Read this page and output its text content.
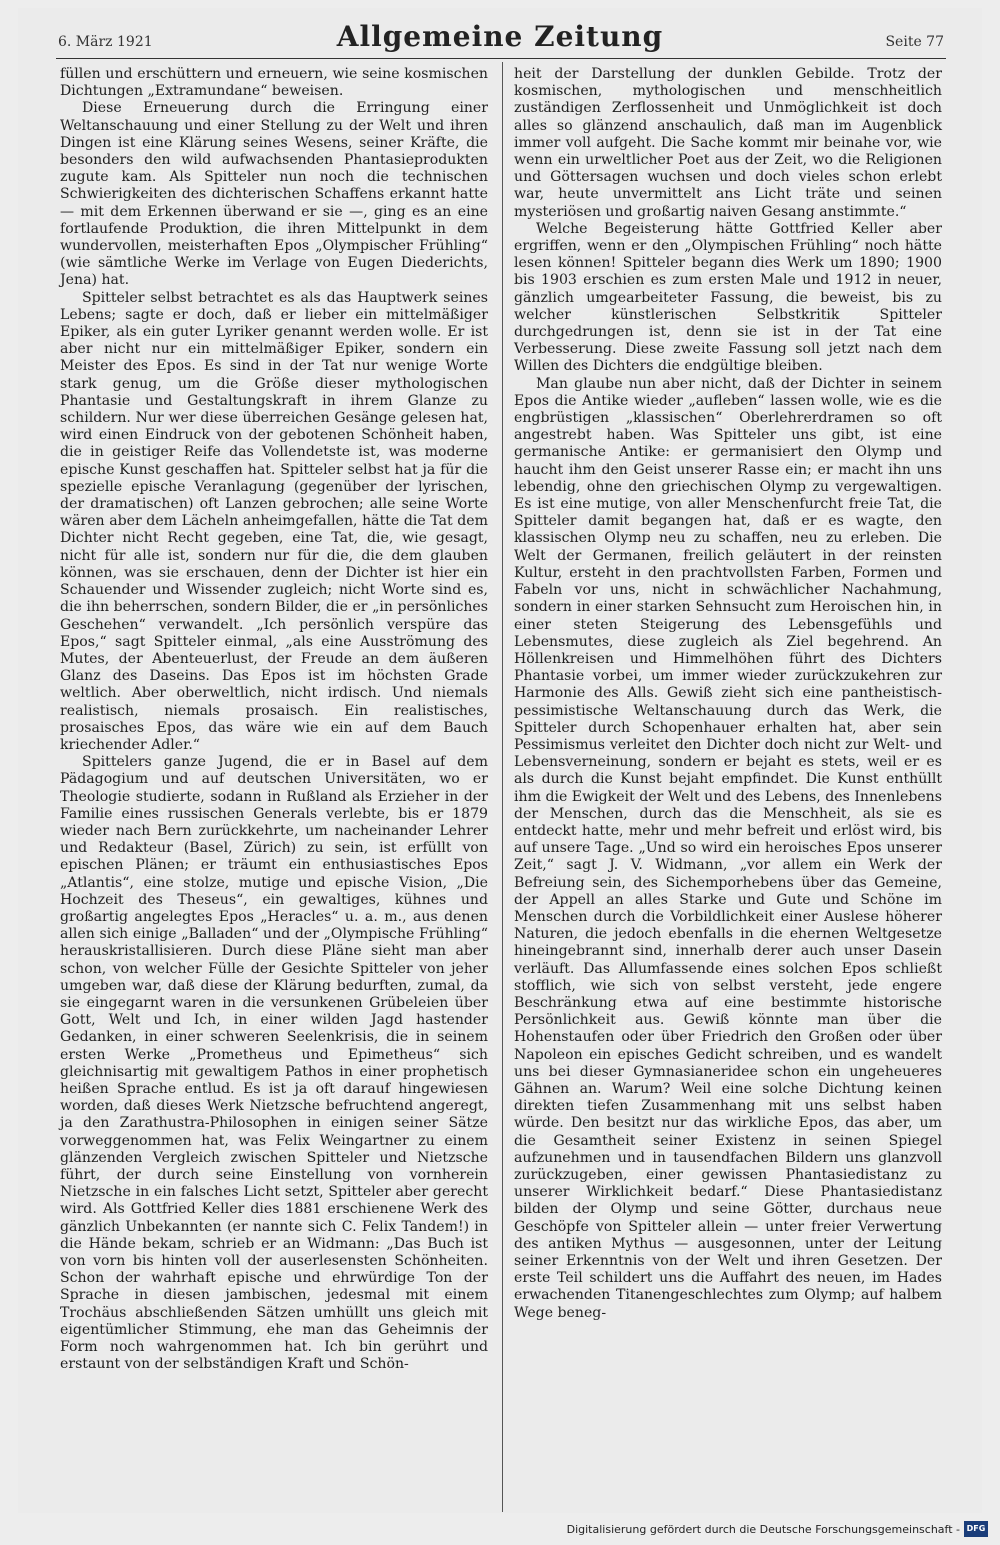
6. März 1921	Allgemeine Zeitung	Seite 77

füllen und erschüttern und erneuern, wie seine kosmischen Dichtungen „Extramundane“ beweisen.

Diese Erneuerung durch die Erringung einer Weltanschauung und einer Stellung zu der Welt und ihren Dingen ist eine Klärung seines Wesens, seiner Kräfte, die besonders den wild aufwachsenden Phantasieprodukten zugute kam. Als Spitteler nun noch die technischen Schwierigkeiten des dichterischen Schaffens erkannt hatte — mit dem Erkennen überwand er sie —, ging es an eine fortlaufende Produktion, die ihren Mittelpunkt in dem wundervollen, meisterhaften Epos „Olympischer Frühling“ (wie sämtliche Werke im Verlage von Eugen Diederichts, Jena) hat.

Spitteler selbst betrachtet es als das Hauptwerk seines Lebens; sagte er doch, daß er lieber ein mittelmäßiger Epiker, als ein guter Lyriker genannt werden wolle. Er ist aber nicht nur ein mittelmäßiger Epiker, sondern ein Meister des Epos. Es sind in der Tat nur wenige Worte stark genug, um die Größe dieser mythologischen Phantasie und Gestaltungskraft in ihrem Glanze zu schildern. Nur wer diese überreichen Gesänge gelesen hat, wird einen Eindruck von der gebotenen Schönheit haben, die in geistiger Reife das Vollendetste ist, was moderne epische Kunst geschaffen hat. Spitteler selbst hat ja für die spezielle epische Veranlagung (gegenüber der lyrischen, der dramatischen) oft Lanzen gebrochen; alle seine Worte wären aber dem Lächeln anheimgefallen, hätte die Tat dem Dichter nicht Recht gegeben, eine Tat, die, wie gesagt, nicht für alle ist, sondern nur für die, die dem glauben können, was sie erschauen, denn der Dichter ist hier ein Schauender und Wissender zugleich; nicht Worte sind es, die ihn beherrschen, sondern Bilder, die er „in persönliches Geschehen“ verwandelt. „Ich persönlich verspüre das Epos,“ sagt Spitteler einmal, „als eine Ausströmung des Mutes, der Abenteuerlust, der Freude an dem äußeren Glanz des Daseins. Das Epos ist im höchsten Grade weltlich. Aber oberweltlich, nicht irdisch. Und niemals realistisch, niemals prosaisch. Ein realistisches, prosaisches Epos, das wäre wie ein auf dem Bauch kriechender Adler.“

Spittelers ganze Jugend, die er in Basel auf dem Pädagogium und auf deutschen Universitäten, wo er Theologie studierte, sodann in Rußland als Erzieher in der Familie eines russischen Generals verlebte, bis er 1879 wieder nach Bern zurückkehrte, um nacheinander Lehrer und Redakteur (Basel, Zürich) zu sein, ist erfüllt von epischen Plänen; er träumt ein enthusiastisches Epos „Atlantis“, eine stolze, mutige und epische Vision, „Die Hochzeit des Theseus“, ein gewaltiges, kühnes und großartig angelegtes Epos „Heracles“ u. a. m., aus denen allen sich einige „Balladen“ und der „Olympische Frühling“ herauskristallisieren. Durch diese Pläne sieht man aber schon, von welcher Fülle der Gesichte Spitteler von jeher umgeben war, daß diese der Klärung bedurften, zumal, da sie eingegarnt waren in die versunkenen Grübeleien über Gott, Welt und Ich, in einer wilden Jagd hastender Gedanken, in einer schweren Seelenkrisis, die in seinem ersten Werke „Prometheus und Epimetheus“ sich gleichnisartig mit gewaltigem Pathos in einer prophetisch heißen Sprache entlud. Es ist ja oft darauf hingewiesen worden, daß dieses Werk Nietzsche befruchtend angeregt, ja den Zarathustra-Philosophen in einigen seiner Sätze vorweggenommen hat, was Felix Weingartner zu einem glänzenden Vergleich zwischen Spitteler und Nietzsche führt, der durch seine Einstellung von vornherein Nietzsche in ein falsches Licht setzt, Spitteler aber gerecht wird. Als Gottfried Keller dies 1881 erschienene Werk des gänzlich Unbekannten (er nannte sich C. Felix Tandem!) in die Hände bekam, schrieb er an Widmann: „Das Buch ist von vorn bis hinten voll der auserlesensten Schönheiten. Schon der wahrhaft epische und ehrwürdige Ton der Sprache in diesen jambischen, jedesmal mit einem Trochäus abschließenden Sätzen umhüllt uns gleich mit eigentümlicher Stimmung, ehe man das Geheimnis der Form noch wahrgenommen hat. Ich bin gerührt und erstaunt von der selbständigen Kraft und Schön-

heit der Darstellung der dunklen Gebilde. Trotz der kosmischen, mythologischen und menschheitlich zuständigen Zerflossenheit und Unmöglichkeit ist doch alles so glänzend anschaulich, daß man im Augenblick immer voll aufgeht. Die Sache kommt mir beinahe vor, wie wenn ein urweltlicher Poet aus der Zeit, wo die Religionen und Göttersagen wuchsen und doch vieles schon erlebt war, heute unvermittelt ans Licht träte und seinen mysteriösen und großartig naiven Gesang anstimmte.“

Welche Begeisterung hätte Gottfried Keller aber ergriffen, wenn er den „Olympischen Frühling“ noch hätte lesen können! Spitteler begann dies Werk um 1890; 1900 bis 1903 erschien es zum ersten Male und 1912 in neuer, gänzlich umgearbeiteter Fassung, die beweist, bis zu welcher künstlerischen Selbstkritik Spitteler durchgedrungen ist, denn sie ist in der Tat eine Verbesserung. Diese zweite Fassung soll jetzt nach dem Willen des Dichters die endgültige bleiben.

Man glaube nun aber nicht, daß der Dichter in seinem Epos die Antike wieder „aufleben“ lassen wolle, wie es die engbrüstigen „klassischen“ Oberlehrerdramen so oft angestrebt haben. Was Spitteler uns gibt, ist eine germanische Antike: er germanisiert den Olymp und haucht ihm den Geist unserer Rasse ein; er macht ihn uns lebendig, ohne den griechischen Olymp zu vergewaltigen. Es ist eine mutige, von aller Menschenfurcht freie Tat, die Spitteler damit begangen hat, daß er es wagte, den klassischen Olymp neu zu schaffen, neu zu erleben. Die Welt der Germanen, freilich geläutert in der reinsten Kultur, ersteht in den prachtvollsten Farben, Formen und Fabeln vor uns, nicht in schwächlicher Nachahmung, sondern in einer starken Sehnsucht zum Heroischen hin, in einer steten Steigerung des Lebensgefühls und Lebensmutes, diese zugleich als Ziel begehrend. An Höllenkreisen und Himmelhöhen führt des Dichters Phantasie vorbei, um immer wieder zurückzukehren zur Harmonie des Alls. Gewiß zieht sich eine pantheistisch-pessimistische Weltanschauung durch das Werk, die Spitteler durch Schopenhauer erhalten hat, aber sein Pessimismus verleitet den Dichter doch nicht zur Welt- und Lebensverneinung, sondern er bejaht es stets, weil er es als durch die Kunst bejaht empfindet. Die Kunst enthüllt ihm die Ewigkeit der Welt und des Lebens, des Innenlebens der Menschen, durch das die Menschheit, als sie es entdeckt hatte, mehr und mehr befreit und erlöst wird, bis auf unsere Tage. „Und so wird ein heroisches Epos unserer Zeit,“ sagt J. V. Widmann, „vor allem ein Werk der Befreiung sein, des Sichemporhebens über das Gemeine, der Appell an alles Starke und Gute und Schöne im Menschen durch die Vorbildlichkeit einer Auslese höherer Naturen, die jedoch ebenfalls in die ehernen Weltgesetze hineingebrannt sind, innerhalb derer auch unser Dasein verläuft. Das Allumfassende eines solchen Epos schließt stofflich, wie sich von selbst versteht, jede engere Beschränkung etwa auf eine bestimmte historische Persönlichkeit aus. Gewiß könnte man über die Hohenstaufen oder über Friedrich den Großen oder über Napoleon ein episches Gedicht schreiben, und es wandelt uns bei dieser Gymnasianeridee schon ein ungeheueres Gähnen an. Warum? Weil eine solche Dichtung keinen direkten tiefen Zusammenhang mit uns selbst haben würde. Den besitzt nur das wirkliche Epos, das aber, um die Gesamtheit seiner Existenz in seinen Spiegel aufzunehmen und in tausendfachen Bildern uns glanzvoll zurückzugeben, einer gewissen Phantasiedistanz zu unserer Wirklichkeit bedarf.“ Diese Phantasiedistanz bilden der Olymp und seine Götter, durchaus neue Geschöpfe von Spitteler allein — unter freier Verwertung des antiken Mythus — ausgesonnen, unter der Leitung seiner Erkenntnis von der Welt und ihren Gesetzen. Der erste Teil schildert uns die Auffahrt des neuen, im Hades erwachenden Titanengeschlechtes zum Olymp; auf halbem Wege beneg-

Digitalisierung gefördert durch die Deutsche Forschungsgemeinschaft - DFG
